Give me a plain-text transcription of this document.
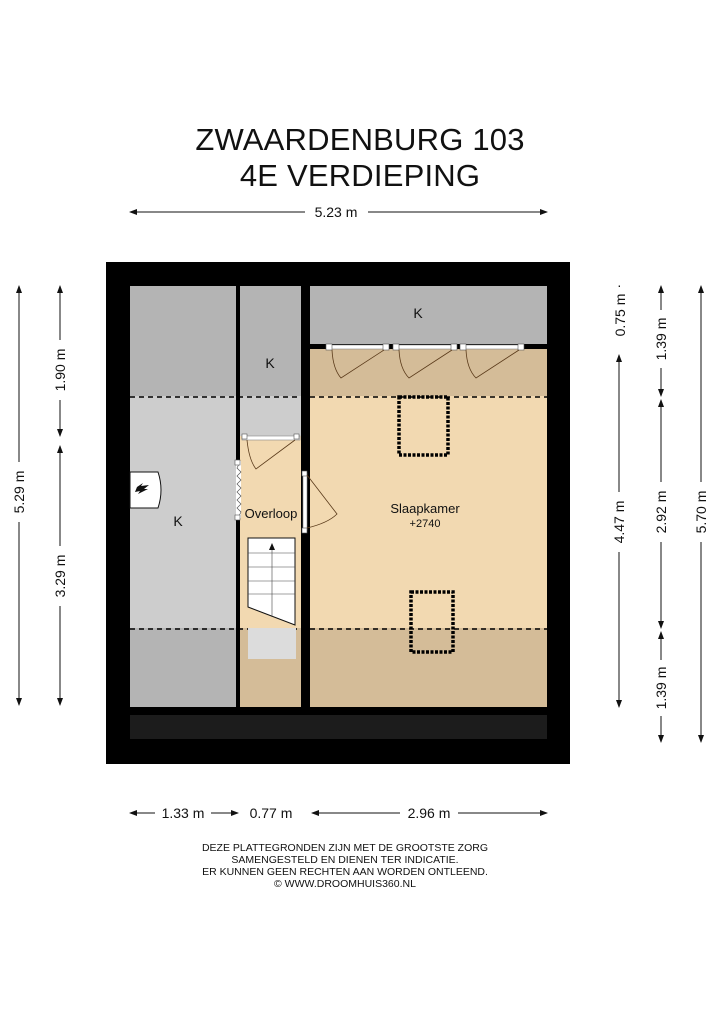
ZWAARDENBURG 103
4E VERDIEPING
K
K
K
Overloop	Slaapkamer
+2740
5.29 m
1.90 m
3.29 m
0.75 m
·
4.47 m
1.39 m
2.92 m
1.39 m
5.70 m
1.33 m	0.77 m	2.96 m
5.23 m
DEZE PLATTEGRONDEN ZIJN MET DE GROOTSTE ZORG
SAMENGESTELD EN DIENEN TER INDICATIE.
ER KUNNEN GEEN RECHTEN AAN WORDEN ONTLEEND.
© WWW.DROOMHUIS360.NL
